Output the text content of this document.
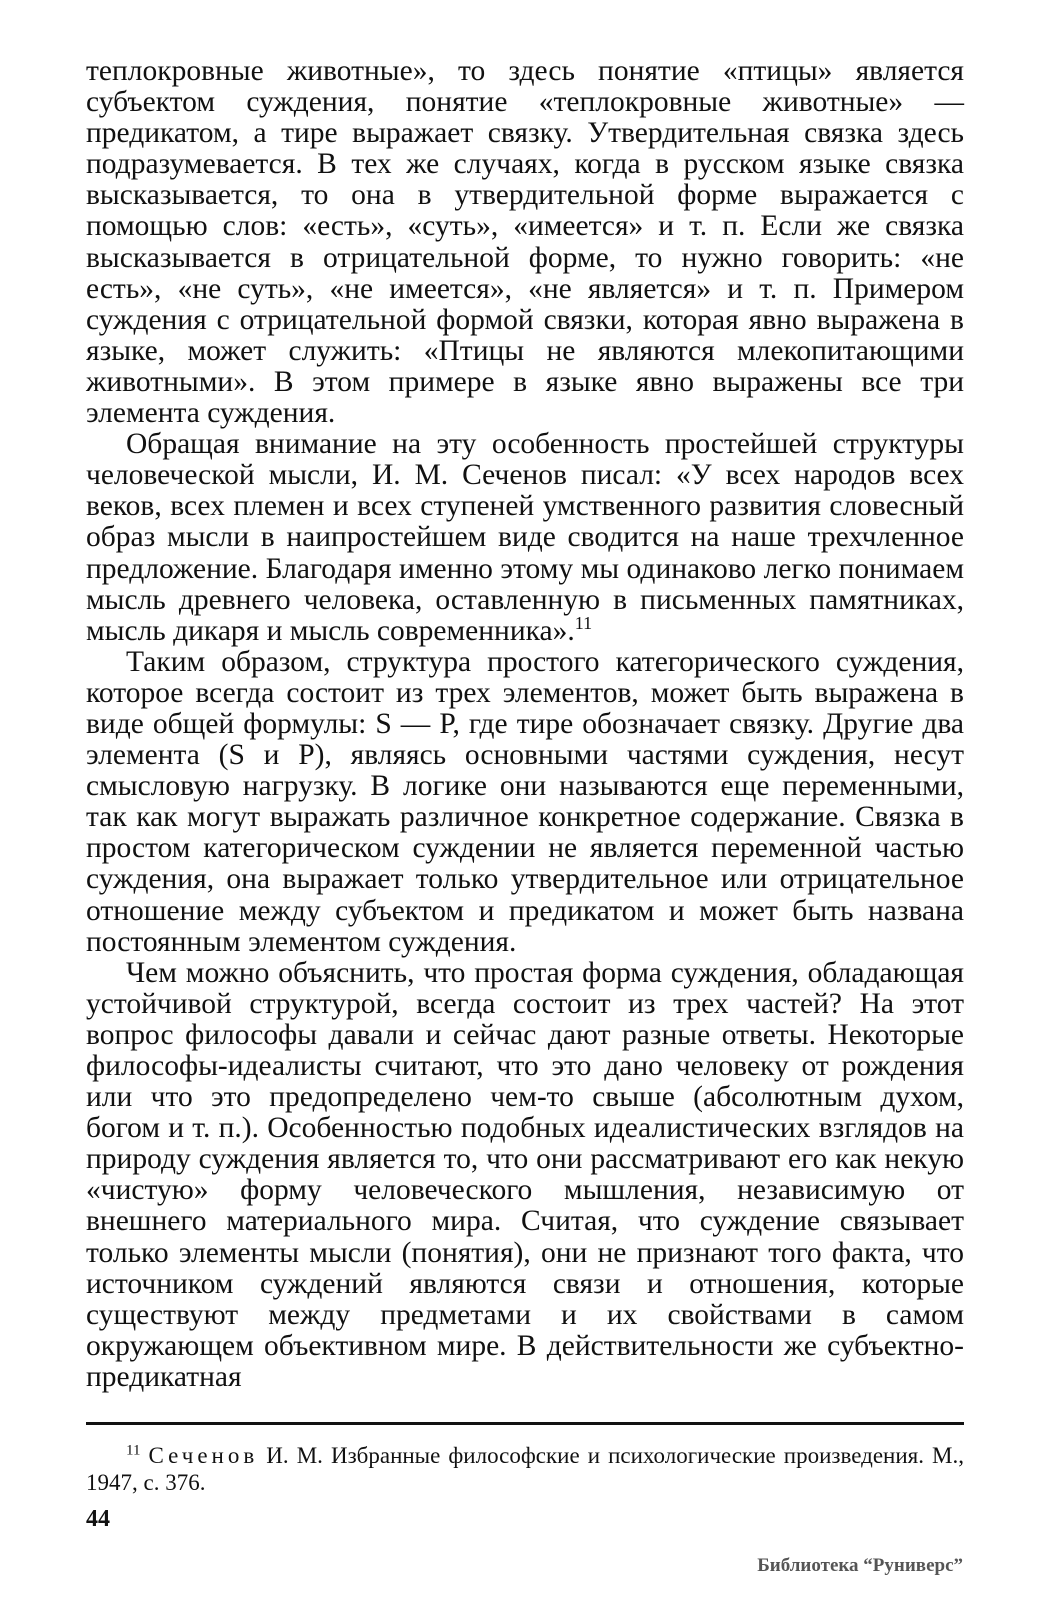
теплокровные животные», то здесь понятие «птицы» является субъектом суждения, понятие «теплокровные животные» — предикатом, а тире выражает связку. Утвердительная связка здесь подразумевается. В тех же случаях, когда в русском языке связка высказывается, то она в утвердительной форме выражается с помощью слов: «есть», «суть», «имеется» и т. п. Если же связка высказывается в отрицательной форме, то нужно говорить: «не есть», «не суть», «не имеется», «не является» и т. п. Примером суждения с отрицательной формой связки, которая явно выражена в языке, может служить: «Птицы не являются млекопитающими животными». В этом примере в языке явно выражены все три элемента суждения.

Обращая внимание на эту особенность простейшей структуры человеческой мысли, И. М. Сеченов писал: «У всех народов всех веков, всех племен и всех ступеней умственного развития словесный образ мысли в наипростейшем виде сводится на наше трехчленное предложение. Благодаря именно этому мы одинаково легко понимаем мысль древнего человека, оставленную в письменных памятниках, мысль дикаря и мысль современника».$^{11}$

Таким образом, структура простого категорического суждения, которое всегда состоит из трех элементов, может быть выражена в виде общей формулы: S — P, где тире обозначает связку. Другие два элемента (S и P), являясь основными частями суждения, несут смысловую нагрузку. В логике они называются еще переменными, так как могут выражать различное конкретное содержание. Связка в простом категорическом суждении не является переменной частью суждения, она выражает только утвердительное или отрицательное отношение между субъектом и предикатом и может быть названа постоянным элементом суждения.

Чем можно объяснить, что простая форма суждения, обладающая устойчивой структурой, всегда состоит из трех частей? На этот вопрос философы давали и сейчас дают разные ответы. Некоторые философы-идеалисты считают, что это дано человеку от рождения или что это предопределено чем-то свыше (абсолютным духом, богом и т. п.). Особенностью подобных идеалистических взглядов на природу суждения является то, что они рассматривают его как некую «чистую» форму человеческого мышления, независимую от внешнего материального мира. Считая, что суждение связывает только элементы мысли (понятия), они не признают того факта, что источником суждений являются связи и отношения, которые существуют между предметами и их свойствами в самом окружающем объективном мире. В действительности же субъектно-предикатная

$^{11}$ Сеченов И. М. Избранные философские и психологические произведения. М., 1947, с. 376.
44
Библиотека “Руниверс”
